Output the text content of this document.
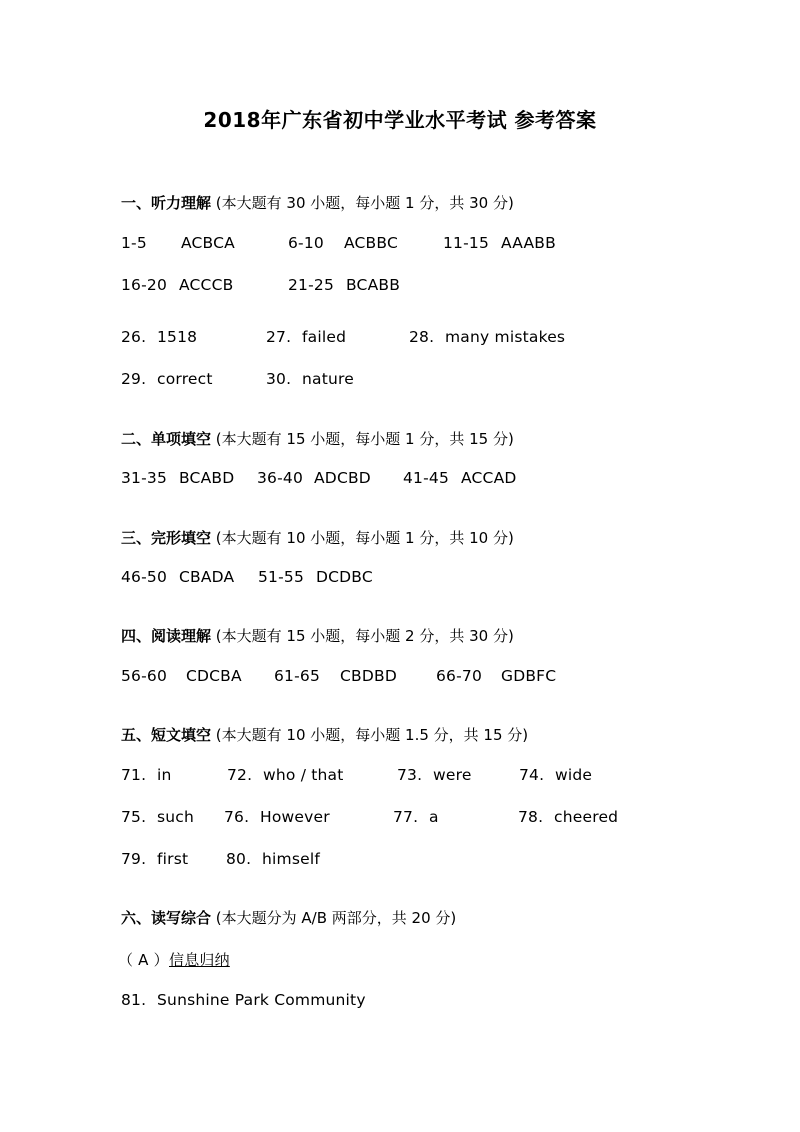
2018年广东省初中学业水平考试 参考答案
一、听力理解 (本大题有 30 小题，每小题 1 分，共 30 分)
1-5 ACBCA	6-10 ACBBC	11-15 AAABB
16-20 ACCCB	21-25 BCABB
26. 1518	27. failed	28. many mistakes
29. correct	30. nature
二、单项填空 (本大题有 15 小题，每小题 1 分，共 15 分)
31-35 BCABD 36-40 ADCBD 41-45 ACCAD
三、完形填空 (本大题有 10 小题，每小题 1 分，共 10 分)
46-50 CBADA 51-55 DCDBC
四、阅读理解 (本大题有 15 小题，每小题 2 分，共 30 分)
56-60 CDCBA 61-65 CBDBD	66-70 GDBFC
五、短文填空 (本大题有 10 小题，每小题 1.5 分，共 15 分)
71. in	72. who / that	73. were	74. wide
75. such 76. However	77. a	78. cheered
79. first 80. himself
六、读写综合 (本大题分为 A/B 两部分，共 20 分)
（ A ） 信息归纳
81. Sunshine Park Community
